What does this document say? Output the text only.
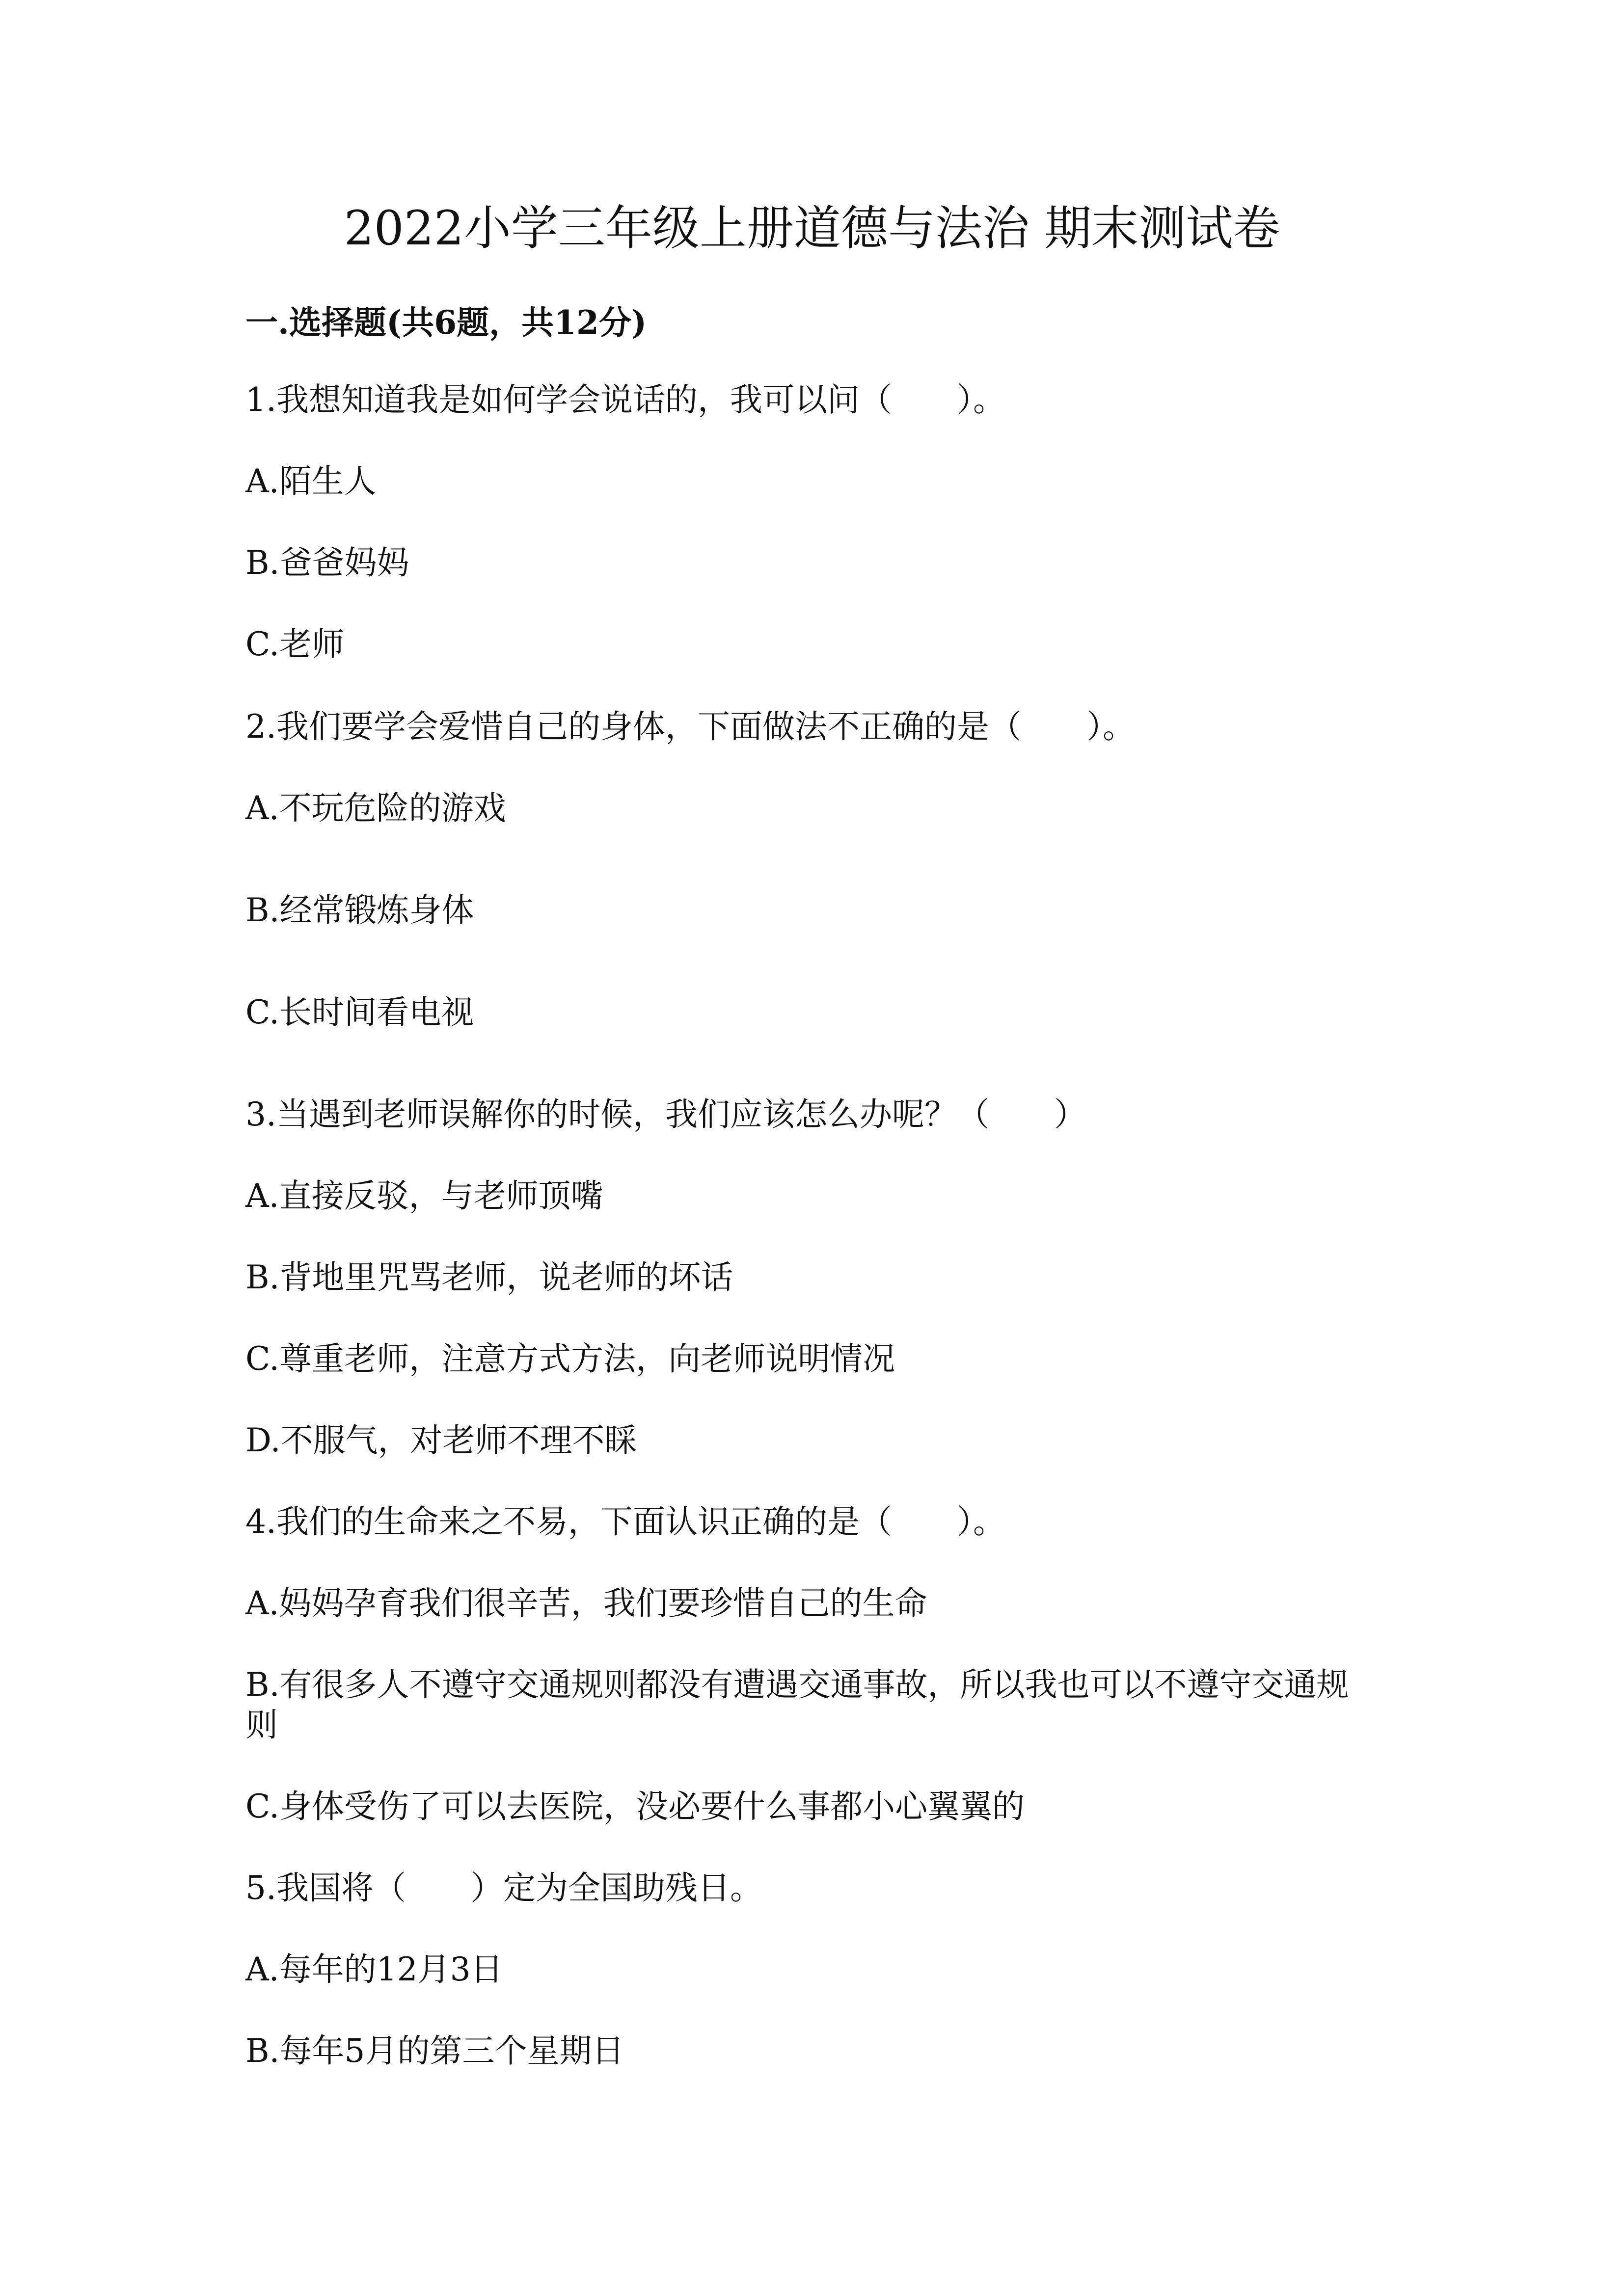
2022小学三年级上册道德与法治 期末测试卷
一.选择题(共6题，共12分)
1.我想知道我是如何学会说话的，我可以问（　　）。
A.陌生人
B.爸爸妈妈
C.老师
2.我们要学会爱惜自己的身体，下面做法不正确的是（　　）。
A.不玩危险的游戏
B.经常锻炼身体
C.长时间看电视
3.当遇到老师误解你的时候，我们应该怎么办呢？（　　）
A.直接反驳，与老师顶嘴
B.背地里咒骂老师，说老师的坏话
C.尊重老师，注意方式方法，向老师说明情况
D.不服气，对老师不理不睬
4.我们的生命来之不易，下面认识正确的是（　　）。
A.妈妈孕育我们很辛苦，我们要珍惜自己的生命
B.有很多人不遵守交通规则都没有遭遇交通事故，所以我也可以不遵守交通规则
C.身体受伤了可以去医院，没必要什么事都小心翼翼的
5.我国将（　　）定为全国助残日。
A.每年的12月3日
B.每年5月的第三个星期日
